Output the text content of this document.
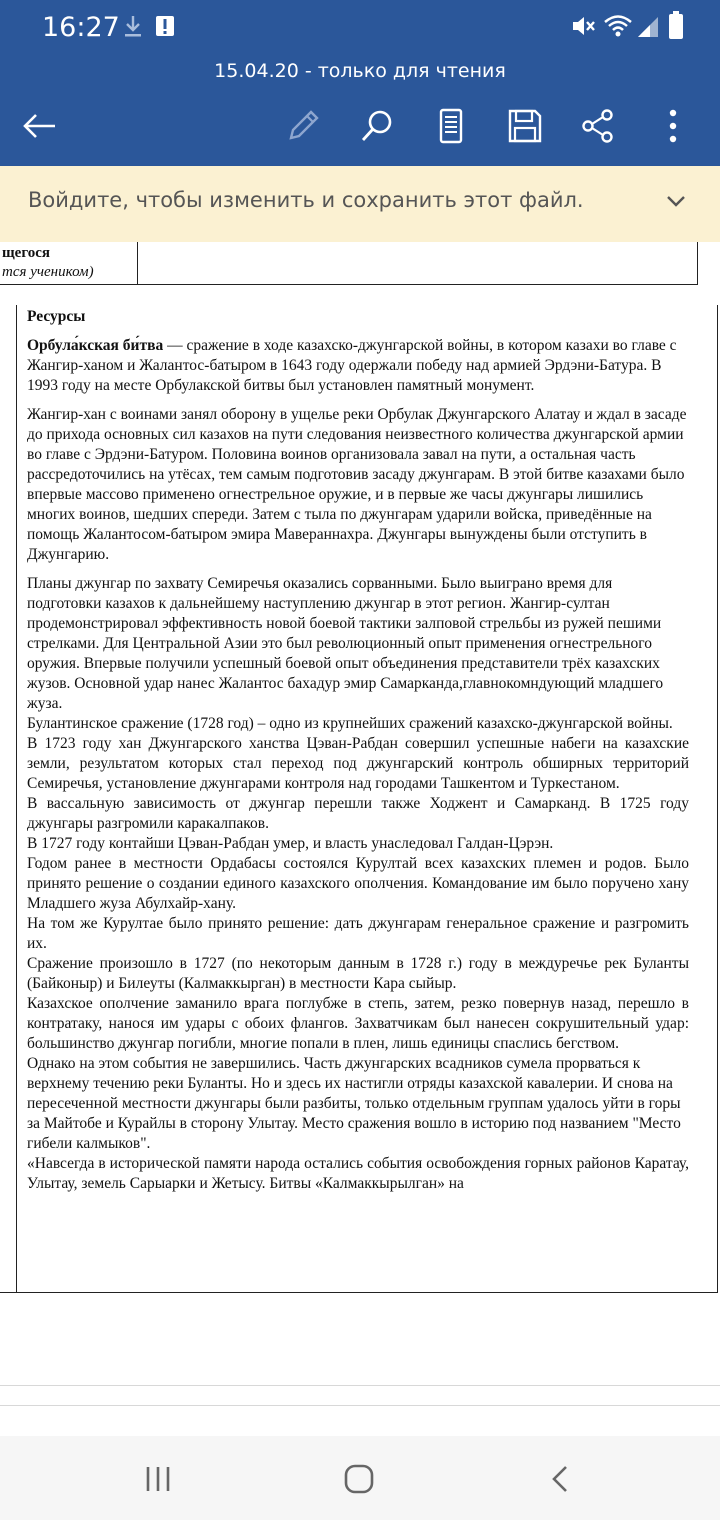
16:27
15.04.20 - только для чтения
Войдите, чтобы изменить и сохранить этот файл.
щегося
тся учеником)

Ресурсы

Орбула́кская би́тва — сражение в ходе казахско-джунгарской войны, в котором казахи во главе с Жангир-ханом и Жалантос-батыром в 1643 году одержали победу над армией Эрдэни-Батура. В 1993 году на месте Орбулакской битвы был установлен памятный монумент.

Жангир-хан с воинами занял оборону в ущелье реки Орбулак Джунгарского Алатау и ждал в засаде до прихода основных сил казахов на пути следования неизвестного количества джунгарской армии во главе с Эрдэни-Батуром. Половина воинов организовала завал на пути, а остальная часть рассредоточились на утёсах, тем самым подготовив засаду джунгарам. В этой битве казахами было впервые массово применено огнестрельное оружие, и в первые же часы джунгары лишились многих воинов, шедших спереди. Затем с тыла по джунгарам ударили войска, приведённые на помощь Жалантосом-батыром эмира Мавераннахра. Джунгары вынуждены были отступить в Джунгарию.

Планы джунгар по захвату Семиречья оказались сорванными. Было выиграно время для подготовки казахов к дальнейшему наступлению джунгар в этот регион. Жангир-султан продемонстрировал эффективность новой боевой тактики залповой стрельбы из ружей пешими стрелками. Для Центральной Азии это был революционный опыт применения огнестрельного оружия. Впервые получили успешный боевой опыт объединения представители трёх казахских жузов. Основной удар нанес Жалантос бахадур эмир Самарканда,главнокомндующий младшего жуза.

Булантинское сражение (1728 год) – одно из крупнейших сражений казахско-джунгарской войны.

В 1723 году хан Джунгарского ханства Цэван-Рабдан совершил успешные набеги на казахские земли, результатом которых стал переход под джунгарский контроль обширных территорий Семиречья, установление джунгарами контроля над городами Ташкентом и Туркестаном.

В вассальную зависимость от джунгар перешли также Ходжент и Самарканд. В 1725 году джунгары разгромили каракалпаков.

В 1727 году контайши Цэван-Рабдан умер, и власть унаследовал Галдан-Цэрэн.

Годом ранее в местности Ордабасы состоялся Курултай всех казахских племен и родов. Было принято решение о создании единого казахского ополчения. Командование им было поручено хану Младшего жуза Абулхайр-хану.

На том же Курултае было принято решение: дать джунгарам генеральное сражение и разгромить их.

Сражение произошло в 1727 (по некоторым данным в 1728 г.) году в междуречье рек Буланты (Байконыр) и Билеуты (Калмаккырган) в местности Кара сыйыр.

Казахское ополчение заманило врага поглубже в степь, затем, резко повернув назад, перешло в контратаку, нанося им удары с обоих флангов. Захватчикам был нанесен сокрушительный удар: большинство джунгар погибли, многие попали в плен, лишь единицы спаслись бегством.

Однако на этом события не завершились. Часть джунгарских всадников сумела прорваться к верхнему течению реки Буланты. Но и здесь их настигли отряды казахской кавалерии. И снова на пересеченной местности джунгары были разбиты, только отдельным группам удалось уйти в горы за Майтобе и Курайлы в сторону Улытау. Место сражения вошло в историю под названием "Место гибели калмыков".

«Навсегда в исторической памяти народа остались события освобождения горных районов Каратау, Улытау, земель Сарыарки и Жетысу. Битвы «Калмаккырылган» на
